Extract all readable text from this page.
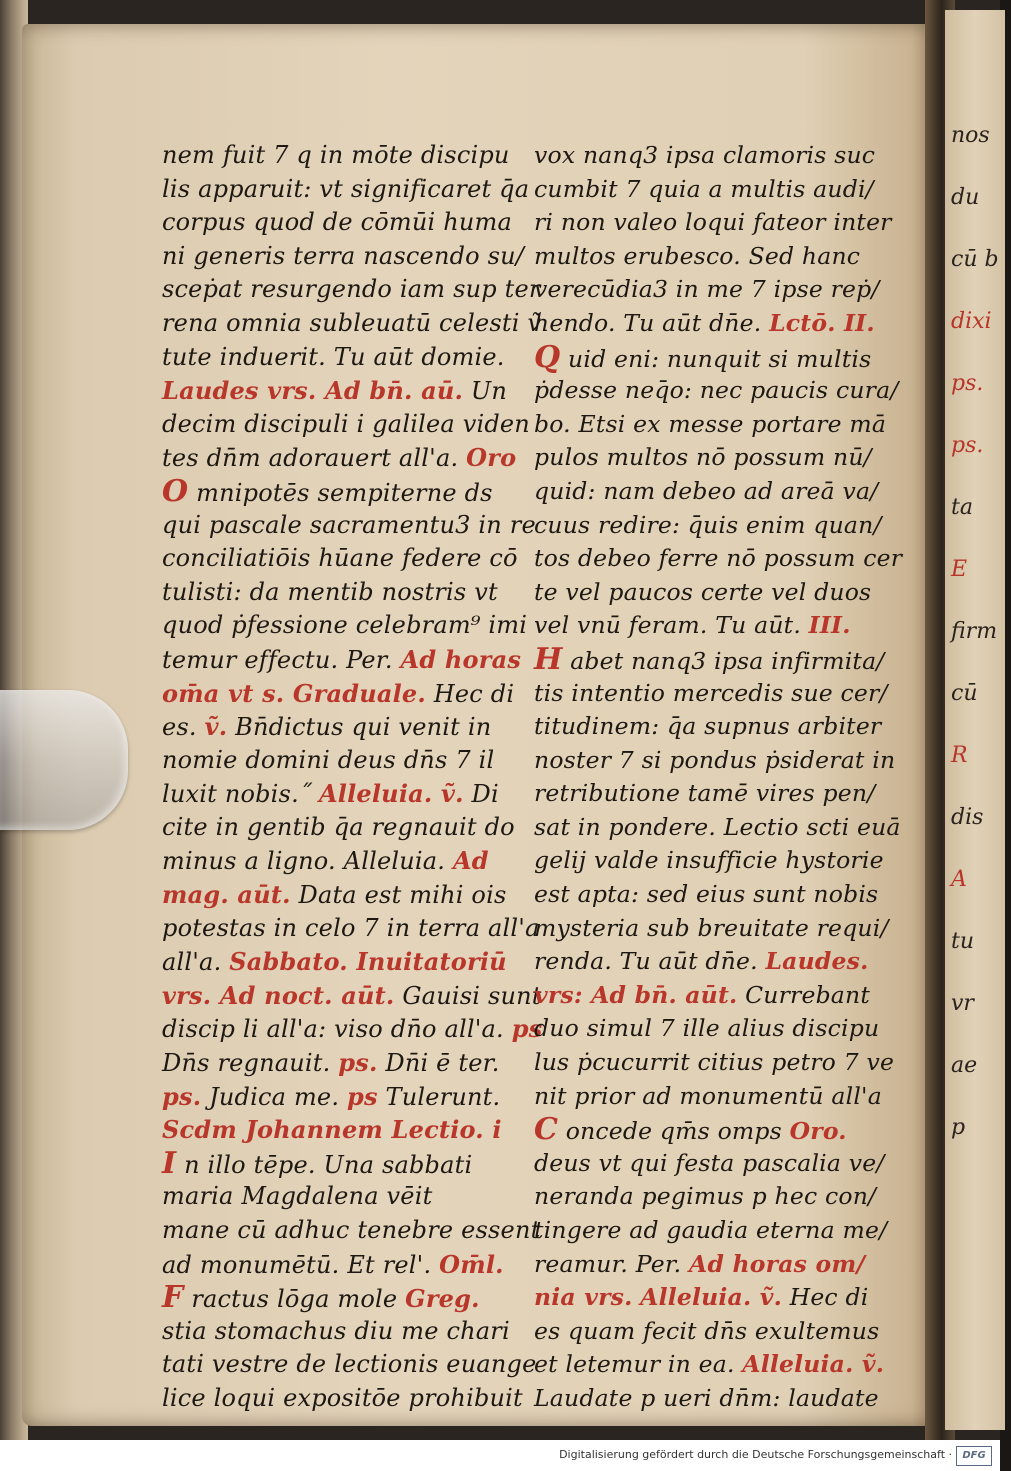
nem fuit 7 q in mōte discipu
lis apparuit: vt significaret q̄a
corpus quod de cōmūi huma
ni generis terra nascendo su/
sceṗat resurgendo iam sup ter
rena omnia subleuatū celesti ṽ
tute induerit. Tu aūt domie.
Laudes vrs. Ad bn̄. aū. Un
decim discipuli i galilea viden
tes dn̄m adorauert all'a. Oro
O mnipotēs sempiterne ds
qui pascale sacramentu3 in re
conciliatiōis hūane federe cō
tulisti: da mentib nostris vt
quod ṗfessione celebram⁹ imi
temur effectu. Per. Ad horas
om̄a vt s. Graduale. Hec di
es. ṽ. Bn̄dictus qui venit in
nomie domini deus dn̄s 7 il
luxit nobis.˝ Alleluia. ṽ. Di
cite in gentib q̄a regnauit do
minus a ligno. Alleluia. Ad
mag. aūt. Data est mihi ois
potestas in celo 7 in terra all'a
all'a. Sabbato. Inuitatoriū
vrs. Ad noct. aūt. Gauisi sunt
discip li all'a: viso dn̄o all'a. ps
Dn̄s regnauit. ps. Dn̄i ē ter.
ps. Judica me. ps Tulerunt.
Scdm Johannem Lectio. i
I n illo tēpe. Una sabbati
maria Magdalena vēit
mane cū adhuc tenebre essent
ad monumētū. Et rel'. Om̄l.
F ractus lōga mole Greg.
stia stomachus diu me chari
tati vestre de lectionis euange
lice loqui expositōe prohibuit
vox nanq3 ipsa clamoris suc
cumbit 7 quia a multis audi/
ri non valeo loqui fateor inter
multos erubesco. Sed hanc
verecūdia3 in me 7 ipse reṗ/
hendo. Tu aūt dn̄e. Lctō. II.
Q uid eni: nunquit si multis
ṗdesse neq̄o: nec paucis cura/
bo. Etsi ex messe portare mā
pulos multos nō possum nū/
quid: nam debeo ad areā va/
cuus redire: q̄uis enim quan/
tos debeo ferre nō possum cer
te vel paucos certe vel duos
vel vnū feram. Tu aūt. III.
H abet nanq3 ipsa infirmita/
tis intentio mercedis sue cer/
titudinem: q̄a supnus arbiter
noster 7 si pondus ṗsiderat in
retributione tamē vires pen/
sat in pondere. Lectio scti euā
gelij valde insufficie hystorie
est apta: sed eius sunt nobis
mysteria sub breuitate requi/
renda. Tu aūt dn̄e. Laudes.
vrs: Ad bn̄. aūt. Currebant
duo simul 7 ille alius discipu
lus ṗcucurrit citius petro 7 ve
nit prior ad monumentū all'a
C oncede qm̄s omps Oro.
deus vt qui festa pascalia ve/
neranda pegimus p hec con/
tingere ad gaudia eterna me/
reamur. Per. Ad horas om/
nia vrs. Alleluia. ṽ. Hec di
es quam fecit dn̄s exultemus
et letemur in ea. Alleluia. ṽ.
Laudate p ueri dn̄m: laudate
nos
du
cū b
dixi
ps.
ps.
ta
E
firm
cū
R
dis
A
tu
vr
ae
p
Digitalisierung gefördert durch die Deutsche Forschungsgemeinschaft ·	DFG
